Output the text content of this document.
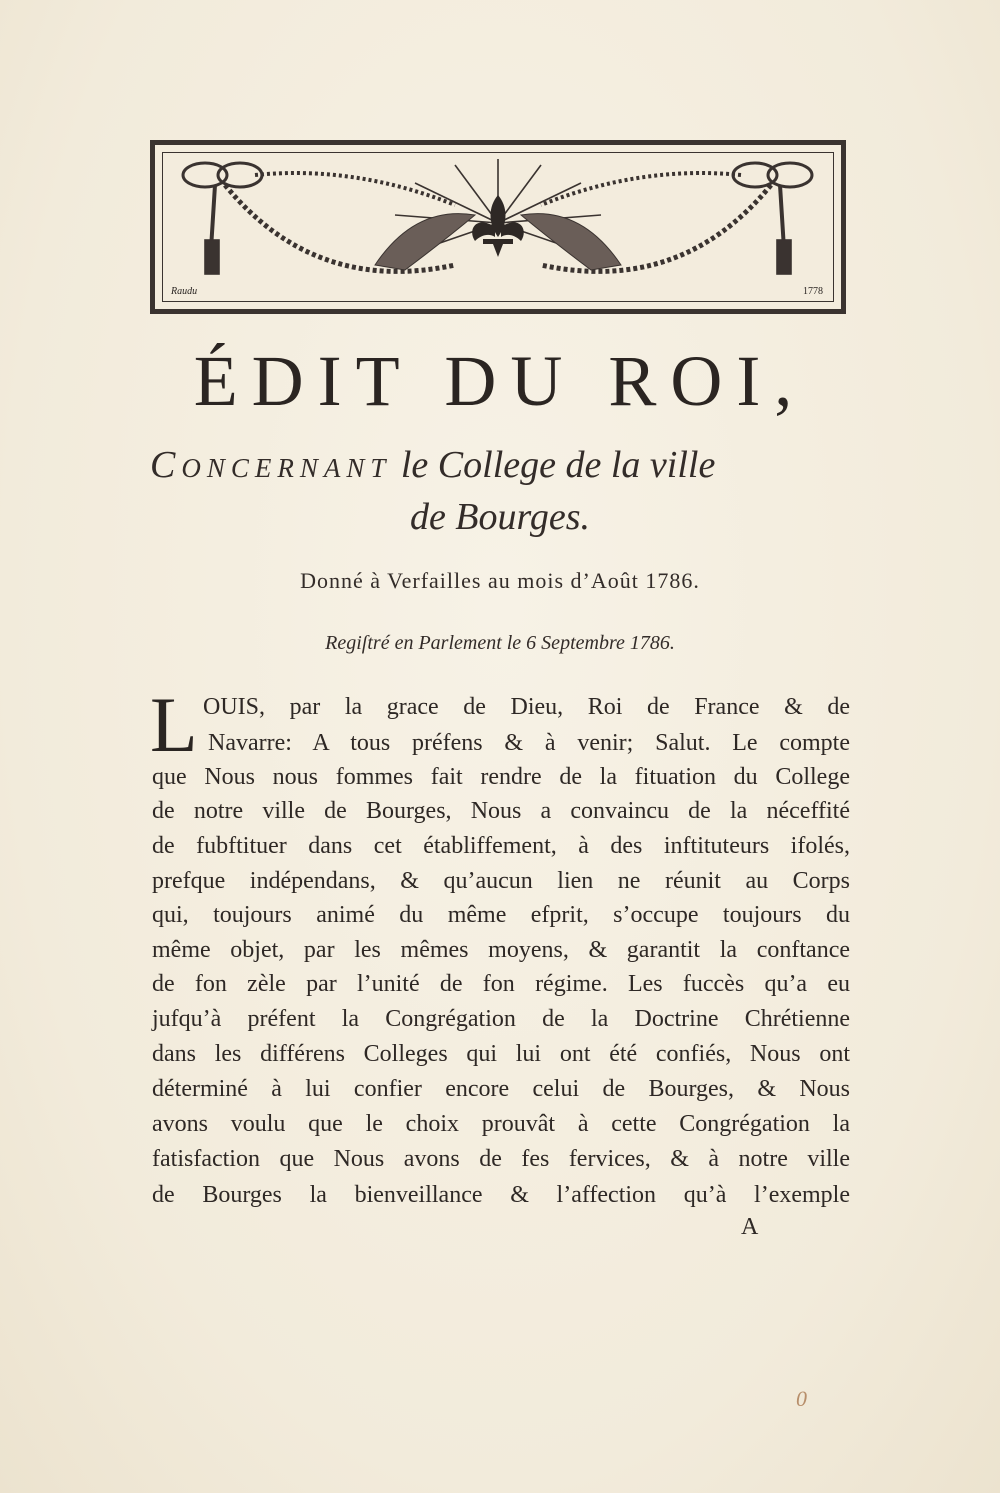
Raudu	1778
ÉDIT DU ROI,
Concernant le College de la ville
de Bourges.
Donné à Verfailles au mois d’Août 1786.
Regiſtré en Parlement le 6 Septembre 1786.
L OUIS, par la grace de Dieu, Roi de France & de
Navarre: A tous préfens & à venir; Salut. Le compte
que Nous nous fommes fait rendre de la fituation du College
de notre ville de Bourges, Nous a convaincu de la néceffité
de fubftituer dans cet établiffement, à des inftituteurs ifolés,
prefque indépendans, & qu’aucun lien ne réunit au Corps
qui, toujours animé du même efprit, s’occupe toujours du
même objet, par les mêmes moyens, & garantit la conftance
de fon zèle par l’unité de fon régime. Les fuccès qu’a eu
jufqu’à préfent la Congrégation de la Doctrine Chrétienne
dans les différens Colleges qui lui ont été confiés, Nous ont
déterminé à lui confier encore celui de Bourges, & Nous
avons voulu que le choix prouvât à cette Congrégation la
fatisfaction que Nous avons de fes fervices, & à notre ville
de Bourges la bienveillance & l’affection qu’à l’exemple
A
0
